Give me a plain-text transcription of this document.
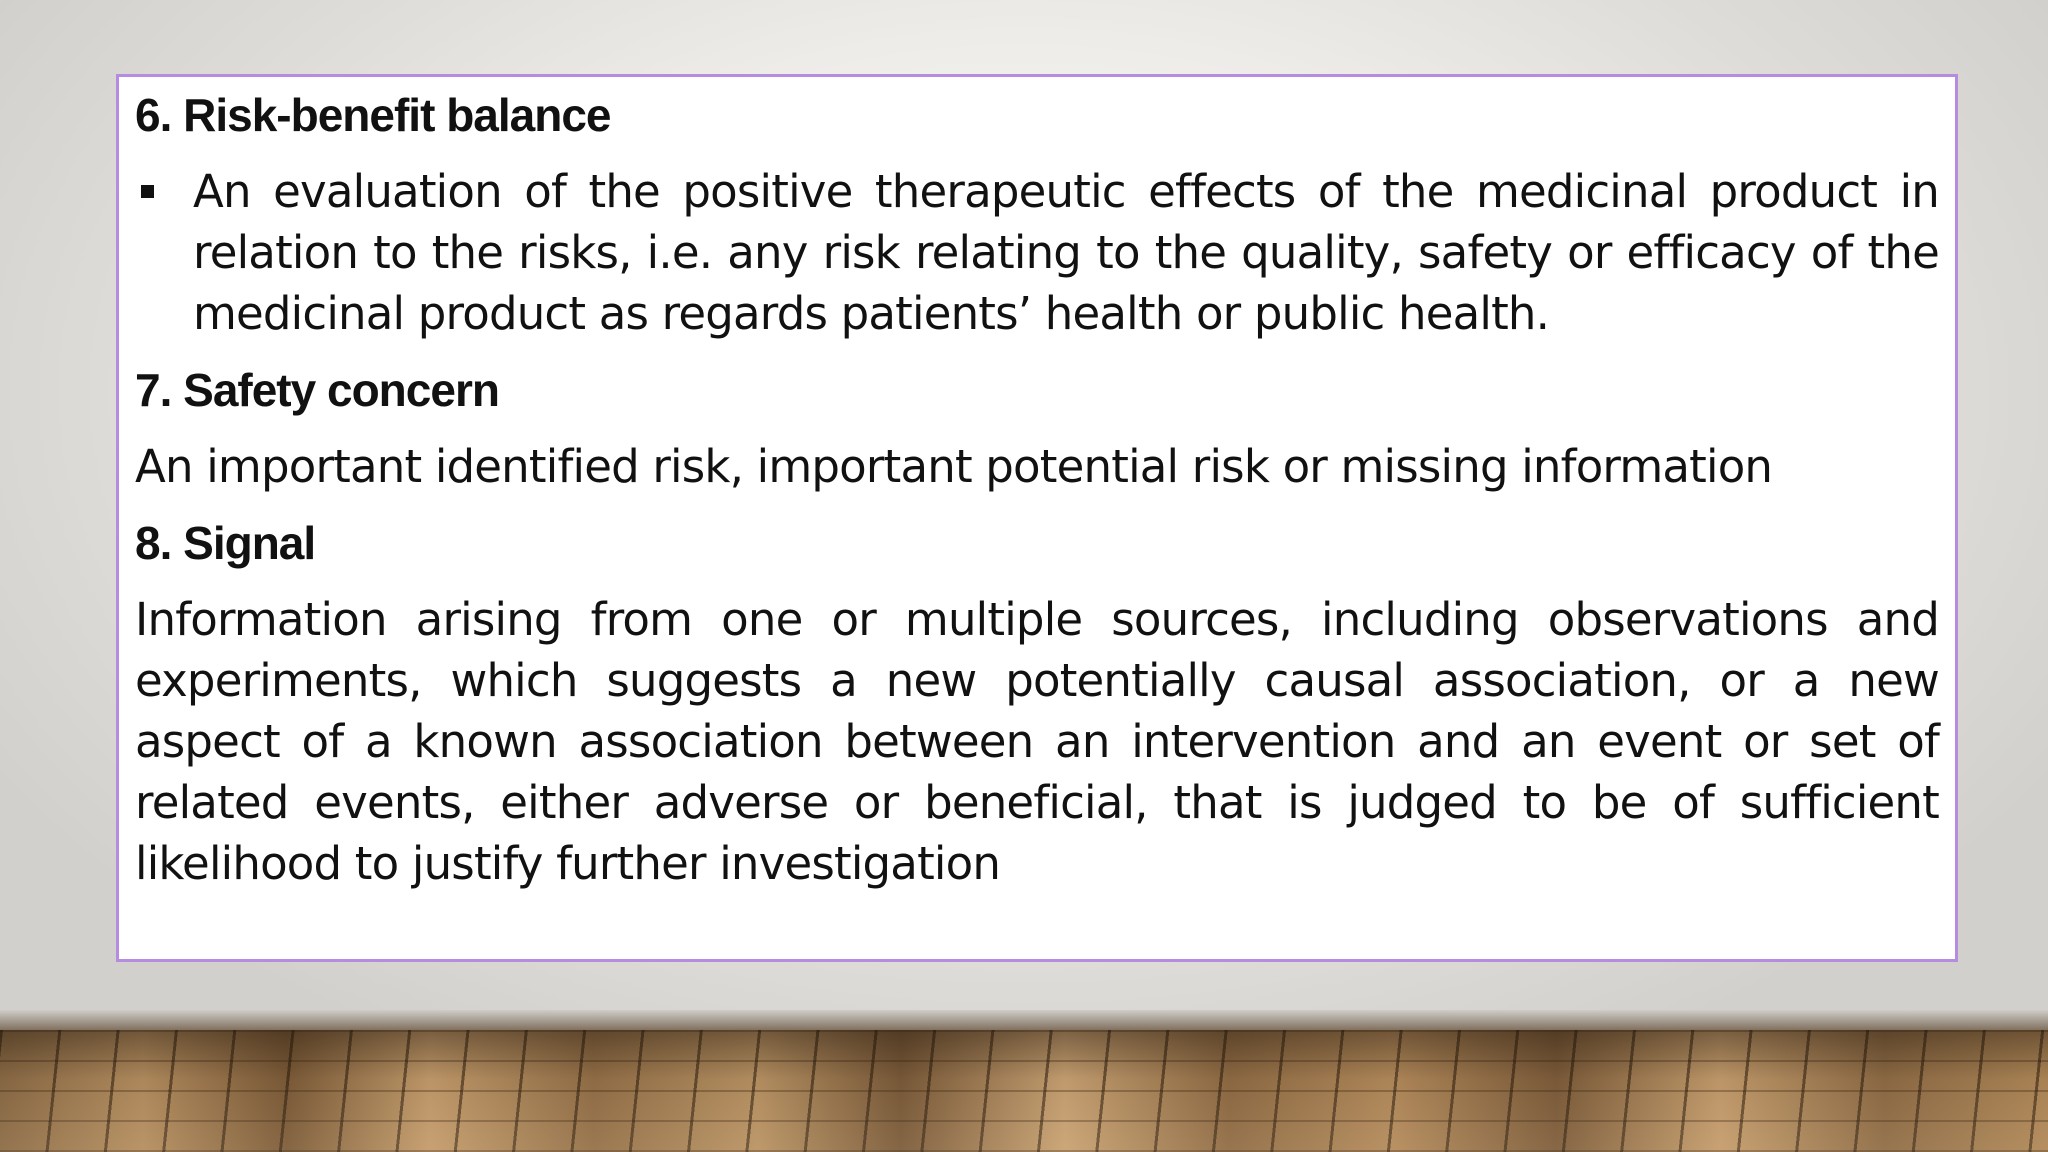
6. Risk-benefit balance

An evaluation of the positive therapeutic effects of the medicinal product in relation to the risks, i.e. any risk relating to the quality, safety or efficacy of the medicinal product as regards patients’ health or public health.

7. Safety concern

An important identified risk, important potential risk or missing information

8. Signal

Information arising from one or multiple sources, including observations and experiments, which suggests a new potentially causal association, or a new aspect of a known association between an intervention and an event or set of related events, either adverse or beneficial, that is judged to be of sufficient likelihood to justify further investigation
